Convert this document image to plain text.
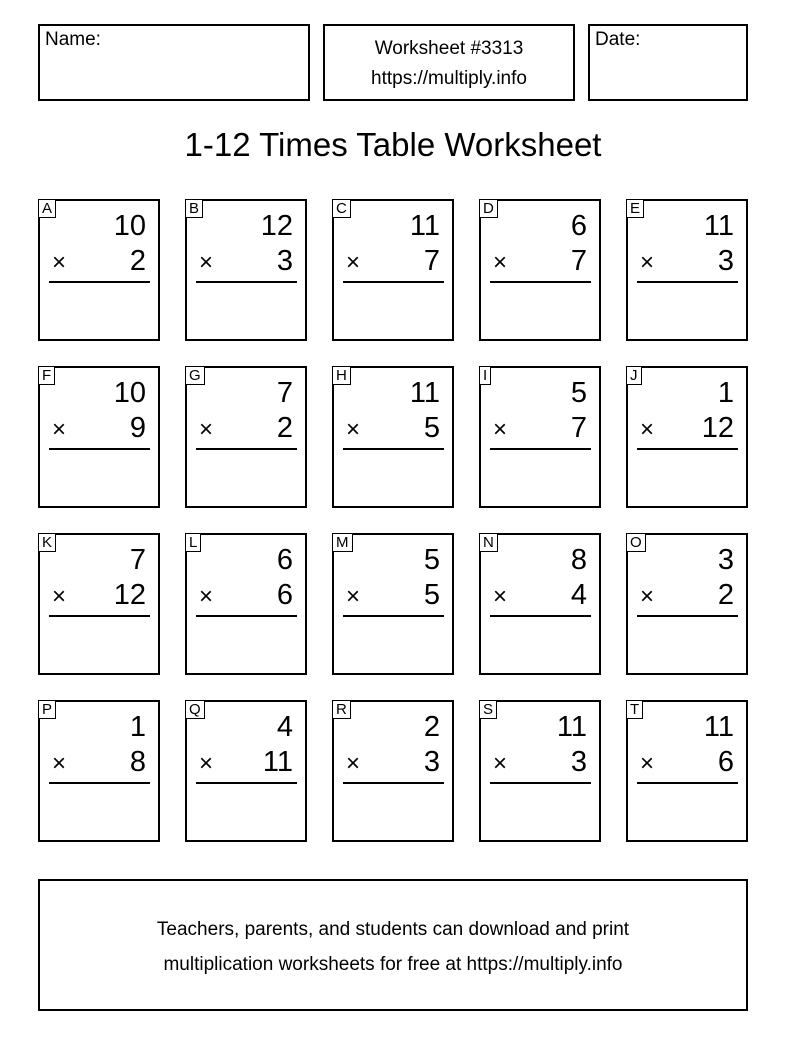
Name:	Worksheet #3313
https://multiply.info
Date:
1-12 Times Table Worksheet
A
10
× 2
B
12
× 3
C
11
× 7
D
6
× 7
E
11
× 3
F
10
× 9
G
7
× 2
H
11
× 5
I
5
× 7
J
1
× 12
K
7
× 12
L
6
× 6
M
5
× 5
N
8
× 4
O
3
× 2
P
1
× 8
Q
4
× 11
R
2
× 3
S
11
× 3
T
11
× 6
Teachers, parents, and students can download and print
multiplication worksheets for free at https://multiply.info
